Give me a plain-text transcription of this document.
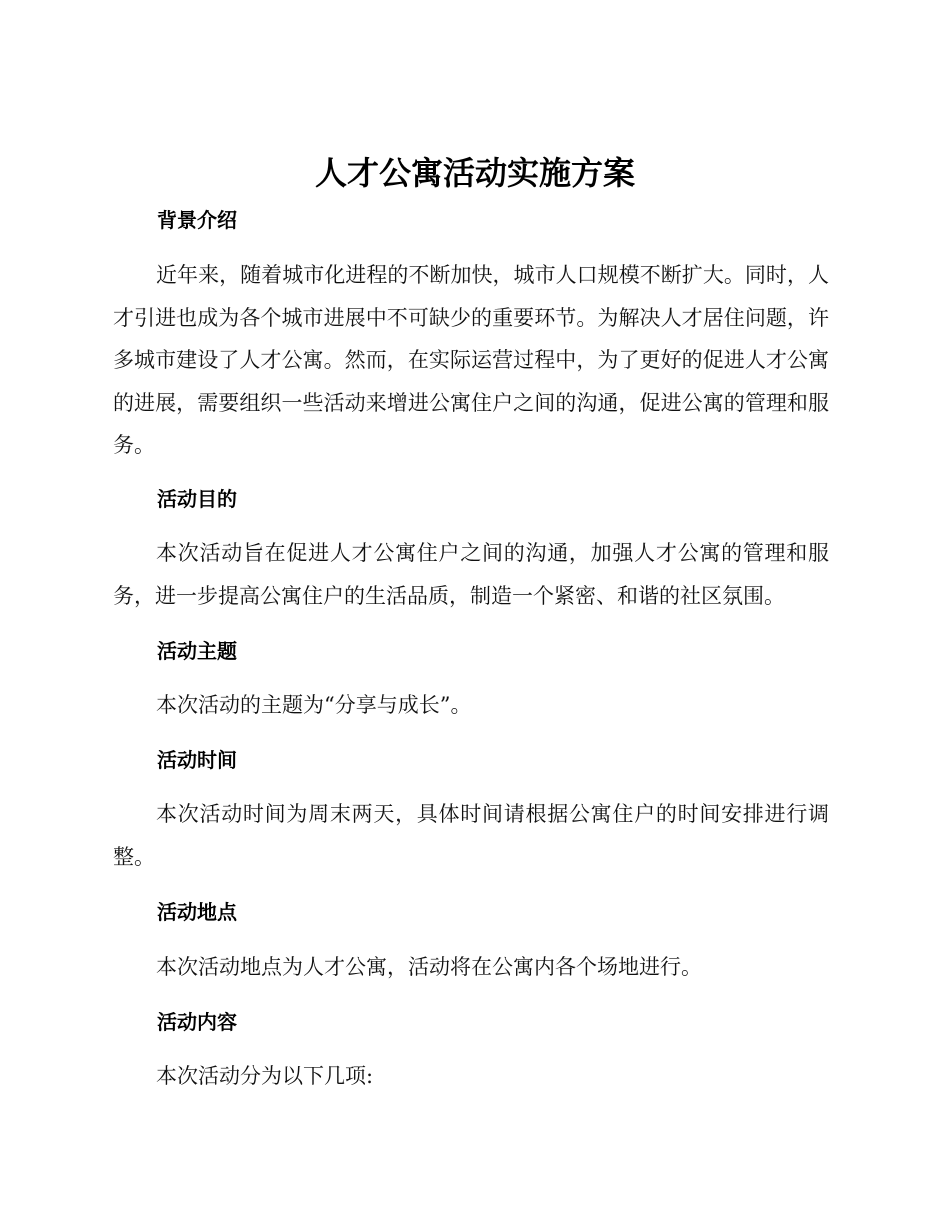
人才公寓活动实施方案
背景介绍

近年来，随着城市化进程的不断加快，城市人口规模不断扩大。同时，人才引进也成为各个城市进展中不可缺少的重要环节。为解决人才居住问题，许多城市建设了人才公寓。然而，在实际运营过程中，为了更好的促进人才公寓的进展，需要组织一些活动来增进公寓住户之间的沟通，促进公寓的管理和服务。

活动目的

本次活动旨在促进人才公寓住户之间的沟通，加强人才公寓的管理和服务，进一步提高公寓住户的生活品质，制造一个紧密、和谐的社区氛围。

活动主题

本次活动的主题为“分享与成长”。

活动时间

本次活动时间为周末两天，具体时间请根据公寓住户的时间安排进行调整。

活动地点

本次活动地点为人才公寓，活动将在公寓内各个场地进行。

活动内容

本次活动分为以下几项:
